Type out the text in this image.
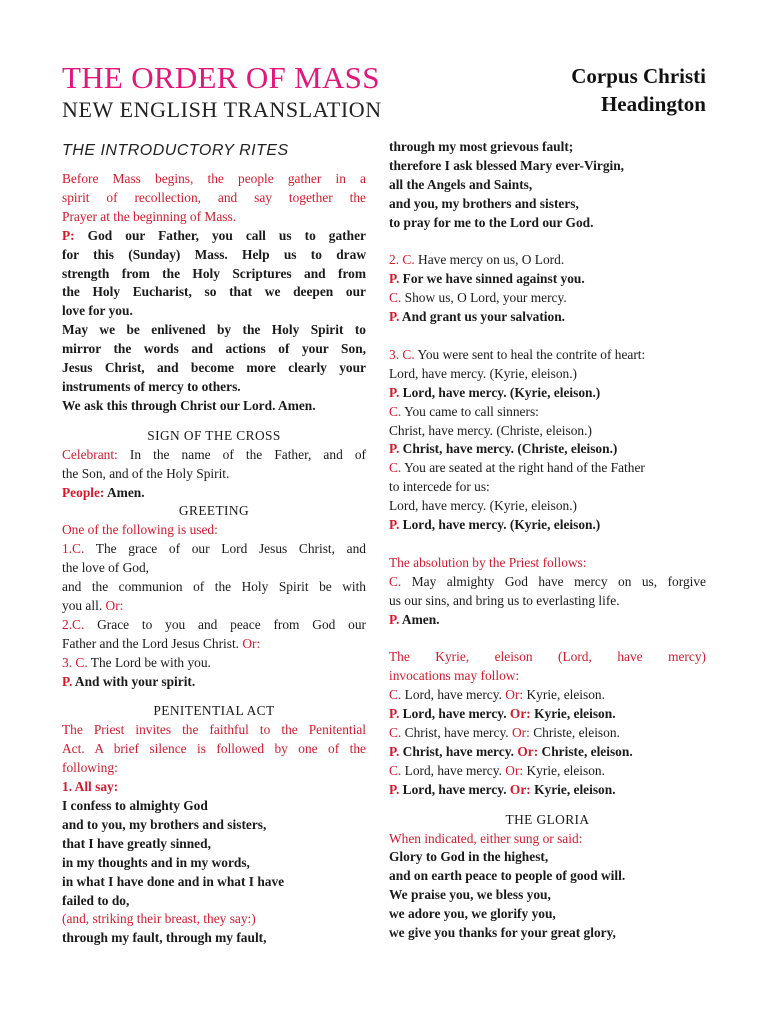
THE ORDER OF MASS
NEW ENGLISH TRANSLATION
Corpus Christi
Headington
THE INTRODUCTORY RITES
Before Mass begins, the people gather in a
spirit of recollection, and say together the
Prayer at the beginning of Mass.
P: God our Father, you call us to gather
for this (Sunday) Mass. Help us to draw
strength from the Holy Scriptures and from
the Holy Eucharist, so that we deepen our
love for you.
May we be enlivened by the Holy Spirit to
mirror the words and actions of your Son,
Jesus Christ, and become more clearly your
instruments of mercy to others.
We ask this through Christ our Lord. Amen.
SIGN OF THE CROSS
Celebrant: In the name of the Father, and of
the Son, and of the Holy Spirit.
People: Amen.
GREETING
One of the following is used:
1.C. The grace of our Lord Jesus Christ, and
the love of God,
and the communion of the Holy Spirit be with
you all. Or:
2.C. Grace to you and peace from God our
Father and the Lord Jesus Christ. Or:
3. C. The Lord be with you.
P. And with your spirit.
PENITENTIAL ACT
The Priest invites the faithful to the Penitential
Act. A brief silence is followed by one of the
following:
1. All say:
I confess to almighty God
and to you, my brothers and sisters,
that I have greatly sinned,
in my thoughts and in my words,
in what I have done and in what I have
failed to do,
(and, striking their breast, they say:)
through my fault, through my fault,
through my most grievous fault;
therefore I ask blessed Mary ever-Virgin,
all the Angels and Saints,
and you, my brothers and sisters,
to pray for me to the Lord our God.
2. C. Have mercy on us, O Lord.
P. For we have sinned against you.
C. Show us, O Lord, your mercy.
P. And grant us your salvation.
3. C. You were sent to heal the contrite of heart:
Lord, have mercy. (Kyrie, eleison.)
P. Lord, have mercy. (Kyrie, eleison.)
C. You came to call sinners:
Christ, have mercy. (Christe, eleison.)
P. Christ, have mercy. (Christe, eleison.)
C. You are seated at the right hand of the Father
to intercede for us:
Lord, have mercy. (Kyrie, eleison.)
P. Lord, have mercy. (Kyrie, eleison.)
The absolution by the Priest follows:
C. May almighty God have mercy on us, forgive
us our sins, and bring us to everlasting life.
P. Amen.
The Kyrie, eleison (Lord, have mercy)
invocations may follow:
C. Lord, have mercy. Or: Kyrie, eleison.
P. Lord, have mercy. Or: Kyrie, eleison.
C. Christ, have mercy. Or: Christe, eleison.
P. Christ, have mercy. Or: Christe, eleison.
C. Lord, have mercy. Or: Kyrie, eleison.
P. Lord, have mercy. Or: Kyrie, eleison.
THE GLORIA
When indicated, either sung or said:
Glory to God in the highest,
and on earth peace to people of good will.
We praise you, we bless you,
we adore you, we glorify you,
we give you thanks for your great glory,
